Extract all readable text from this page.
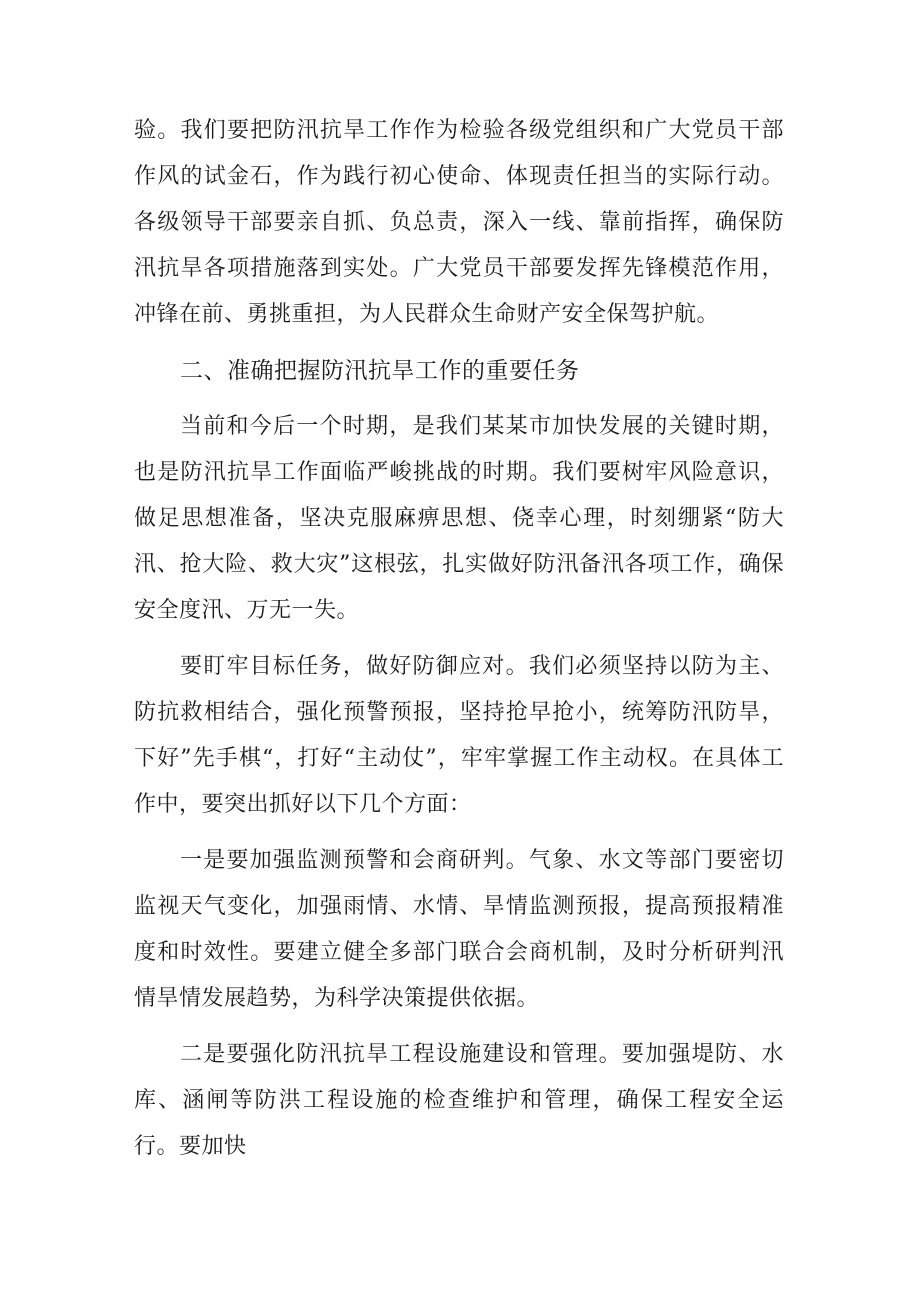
验。我们要把防汛抗旱工作作为检验各级党组织和广大党员干部作风的试金石，作为践行初心使命、体现责任担当的实际行动。各级领导干部要亲自抓、负总责，深入一线、靠前指挥，确保防汛抗旱各项措施落到实处。广大党员干部要发挥先锋模范作用，冲锋在前、勇挑重担，为人民群众生命财产安全保驾护航。

二、准确把握防汛抗旱工作的重要任务

当前和今后一个时期，是我们某某市加快发展的关键时期，也是防汛抗旱工作面临严峻挑战的时期。我们要树牢风险意识，做足思想准备，坚决克服麻痹思想、侥幸心理，时刻绷紧“防大汛、抢大险、救大灾”这根弦，扎实做好防汛备汛各项工作，确保安全度汛、万无一失。

要盯牢目标任务，做好防御应对。我们必须坚持以防为主、防抗救相结合，强化预警预报，坚持抢早抢小，统筹防汛防旱，下好”先手棋“，打好“主动仗”，牢牢掌握工作主动权。在具体工作中，要突出抓好以下几个方面：

一是要加强监测预警和会商研判。气象、水文等部门要密切监视天气变化，加强雨情、水情、旱情监测预报，提高预报精准度和时效性。要建立健全多部门联合会商机制，及时分析研判汛情旱情发展趋势，为科学决策提供依据。

二是要强化防汛抗旱工程设施建设和管理。要加强堤防、水库、涵闸等防洪工程设施的检查维护和管理，确保工程安全运行。要加快
